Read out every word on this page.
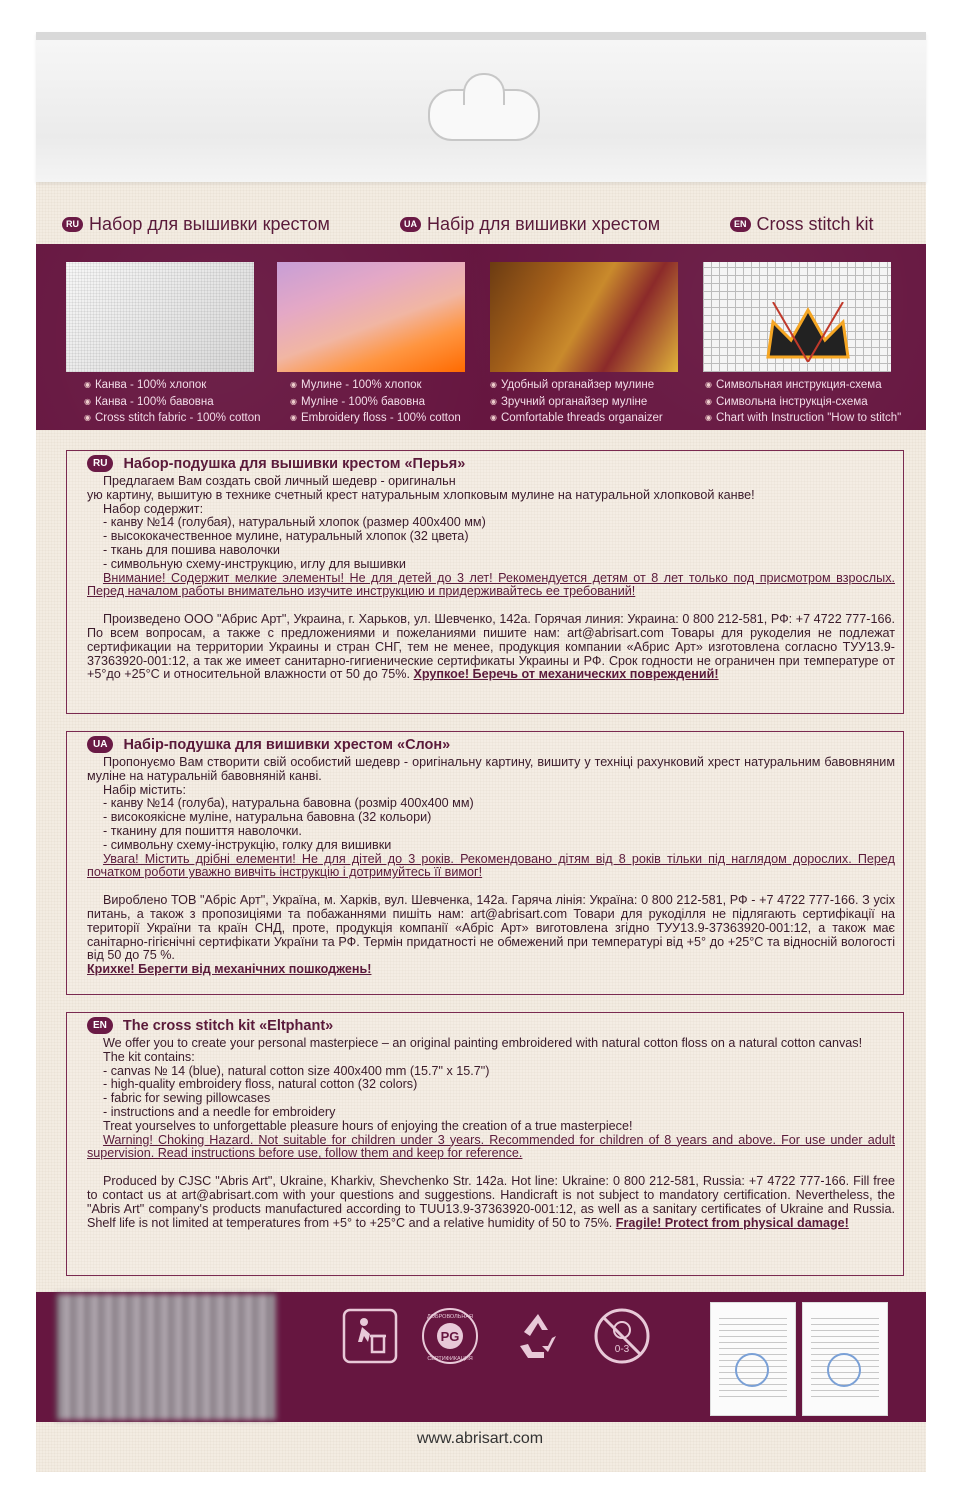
RU Набор для вышивки крестом	UA Набір для вишивки хрестом	EN Cross stitch kit
◉ Канва - 100% хлопок
◉ Канва - 100% бавовна
◉ Cross stitch fabric - 100% cotton
◉ Мулине - 100% хлопок
◉ Муліне - 100% бавовна
◉ Embroidery floss - 100% cotton
◉ Удобный органайзер мулине
◉ Зручний органайзер муліне
◉ Comfortable threads organaizer
◉ Символьная инструкция-схема
◉ Символьна інструкція-схема
◉ Chart with Instruction "How to stitch"
RU	Набор-подушка для вышивки крестом «Перья»

Предлагаем Вам создать свой личный шедевр - оригинальн

ую картину, вышитую в технике счетный крест натуральным хлопковым мулине на натуральной хлопковой канве!

Набор содержит:

- канву №14 (голубая), натуральный хлопок (размер 400х400 мм)

- высококачественное мулине, натуральный хлопок (32 цвета)

- ткань для пошива наволочки

- символьную схему-инструкцию, иглу для вышивки

Внимание! Содержит мелкие элементы! Не для детей до 3 лет! Рекомендуется детям от 8 лет только под присмотром взрослых. Перед началом работы внимательно изучите инструкцию и придерживайтесь ее требований!

Произведено ООО "Абрис Арт", Украина, г. Харьков, ул. Шевченко, 142а. Горячая линия: Украина: 0 800 212-581, РФ: +7 4722 777-166. По всем вопросам, а также с предложениями и пожеланиями пишите нам: art@abrisart.com Товары для рукоделия не подлежат сертификации на территории Украины и стран СНГ, тем не менее, продукция компании «Абрис Арт» изготовлена согласно ТУУ13.9-37363920-001:12, а так же имеет санитарно-гигиенические сертификаты Украины и РФ. Срок годности не ограничен при температуре от +5°до +25°С и относительной влажности от 50 до 75%. Хрупкое! Беречь от механических повреждений!

UA	Набір-подушка для вишивки хрестом «Слон»

Пропонуємо Вам створити свій особистий шедевр - оригінальну картину, вишиту у техніці рахунковий хрест натуральним бавовняним муліне на натуральній бавовняній канві.

Набір містить:

- канву №14 (голуба), натуральна бавовна (розмір 400х400 мм)

- високоякісне муліне, натуральна бавовна (32 кольори)

- тканину для пошиття наволочки.

- символьну схему-інструкцію, голку для вишивки

Увага! Містить дрібні елементи! Не для дітей до 3 років. Рекомендовано дітям від 8 років тільки під наглядом дорослих. Перед початком роботи уважно вивчіть інструкцію і дотримуйтесь її вимог!

Вироблено ТОВ "Абріс Арт", Україна, м. Харків, вул. Шевченка, 142а. Гаряча лінія: Україна: 0 800 212-581, РФ - +7 4722 777-166. З усіх питань, а також з пропозиціями та побажаннями пишіть нам: art@abrisart.com Товари для рукоділля не підлягають сертифікації на території України та країн СНД, проте, продукція компанії «Абріс Арт» виготовлена згідно ТУУ13.9-37363920-001:12, а також має санітарно-гігієнічні сертифікати України та РФ. Термін придатності не обмежений при температурі від +5° до +25°С та відносній вологості від 50 до 75 %.

Крихке! Берегти від механічних пошкоджень!

EN	The cross stitch kit «Eltphant»

We offer you to create your personal masterpiece – an original painting embroidered with natural cotton floss on a natural cotton canvas!

The kit contains:

- canvas № 14 (blue), natural cotton size 400x400 mm (15.7" x 15.7")

- high-quality embroidery floss, natural cotton (32 colors)

- fabric for sewing pillowcases

- instructions and a needle for embroidery

Treat yourselves to unforgettable pleasure hours of enjoying the creation of a true masterpiece!

Warning! Choking Hazard. Not suitable for children under 3 years. Recommended for children of 8 years and above. For use under adult supervision. Read instructions before use, follow them and keep for reference.

Produced by CJSC "Abris Art", Ukraine, Kharkiv, Shevchenko Str. 142a. Hot line: Ukraine: 0 800 212-581, Russia: +7 4722 777-166. Fill free to contact us at art@abrisart.com with your questions and suggestions. Handicraft is not subject to mandatory certification. Nevertheless, the "Abris Art" company's products manufactured according to TUU13.9-37363920-001:12, as well as a sanitary certificates of Ukraine and Russia. Shelf life is not limited at temperatures from +5° to +25°C and a relative humidity of 50 to 75%. Fragile! Protect from physical damage!

PG
ДОБРОВОЛЬНАЯ
СЕРТИФИКАЦИЯ
0-3
www.abrisart.com
